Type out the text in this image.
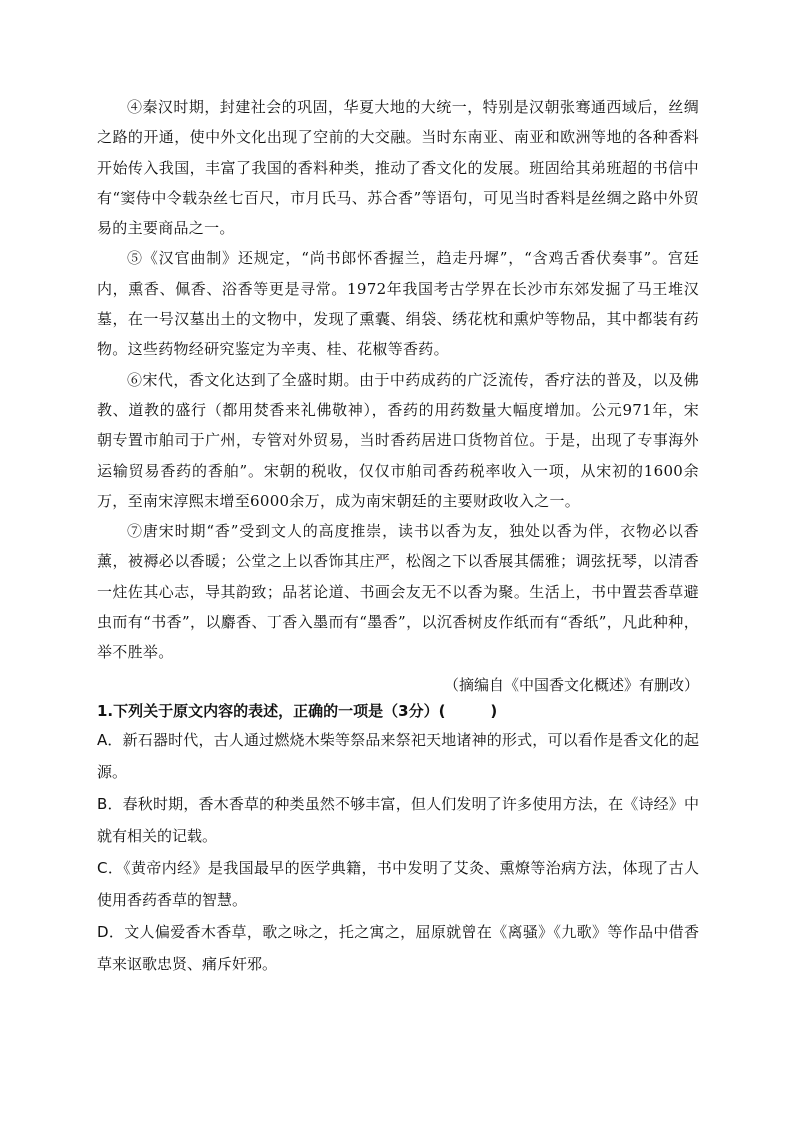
④秦汉时期，封建社会的巩固，华夏大地的大统一，特别是汉朝张骞通西域后，丝绸之路的开通，使中外文化出现了空前的大交融。当时东南亚、南亚和欧洲等地的各种香料开始传入我国，丰富了我国的香料种类，推动了香文化的发展。班固给其弟班超的书信中有“窦侍中令载杂丝七百尺，市月氏马、苏合香”等语句，可见当时香料是丝绸之路中外贸易的主要商品之一。

⑤《汉官曲制》还规定，“尚书郎怀香握兰，趋走丹墀”，“含鸡舌香伏奏事”。宫廷内，熏香、佩香、浴香等更是寻常。1972年我国考古学界在长沙市东郊发掘了马王堆汉墓，在一号汉墓出土的文物中，发现了熏囊、绢袋、绣花枕和熏炉等物品，其中都装有药物。这些药物经研究鉴定为辛夷、桂、花椒等香药。

⑥宋代，香文化达到了全盛时期。由于中药成药的广泛流传，香疗法的普及，以及佛教、道教的盛行（都用焚香来礼佛敬神），香药的用药数量大幅度增加。公元971年，宋朝专置市舶司于广州，专管对外贸易，当时香药居进口货物首位。于是，出现了专事海外运输贸易香药的香舶”。宋朝的税收，仅仅市舶司香药税率收入一项，从宋初的1600余万，至南宋淳熙末增至6000余万，成为南宋朝廷的主要财政收入之一。

⑦唐宋时期“香”受到文人的高度推崇，读书以香为友，独处以香为伴，衣物必以香薰，被褥必以香暖；公堂之上以香饰其庄严，松阁之下以香展其儒雅；调弦抚琴，以清香一炷佐其心志，导其韵致；品茗论道、书画会友无不以香为聚。生活上，书中置芸香草避虫而有“书香”，以麝香、丁香入墨而有“墨香”，以沉香树皮作纸而有“香纸”，凡此种种，举不胜举。

（摘编自《中国香文化概述》有删改）

1.下列关于原文内容的表述，正确的一项是（3分）(　　　)

A．新石器时代，古人通过燃烧木柴等祭品来祭祀天地诸神的形式，可以看作是香文化的起源。

B．春秋时期，香木香草的种类虽然不够丰富，但人们发明了许多使用方法，在《诗经》中就有相关的记载。

C．《黄帝内经》是我国最早的医学典籍，书中发明了艾灸、熏燎等治病方法，体现了古人使用香药香草的智慧。

D．文人偏爱香木香草，歌之咏之，托之寓之，屈原就曾在《离骚》《九歌》等作品中借香草来讴歌忠贤、痛斥奸邪。
